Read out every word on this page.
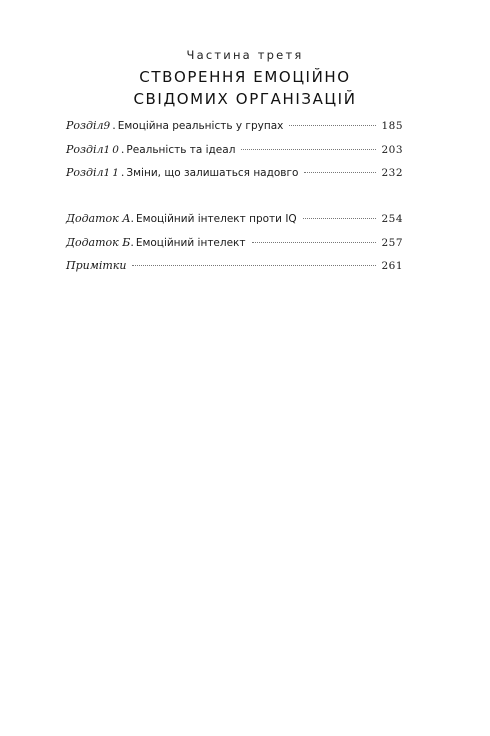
Частина третя
СТВОРЕННЯ ЕМОЦІЙНО
СВІДОМИХ ОРГАНІЗАЦІЙ
Розділ 9 . Емоційна реальність у групах	185
Розділ 10 . Реальність та ідеал	203
Розділ 11 . Зміни, що залишаться надовго	232
Додаток А . Емоційний інтелект проти IQ	254
Додаток Б . Емоційний інтелект	257
Примітки	261
